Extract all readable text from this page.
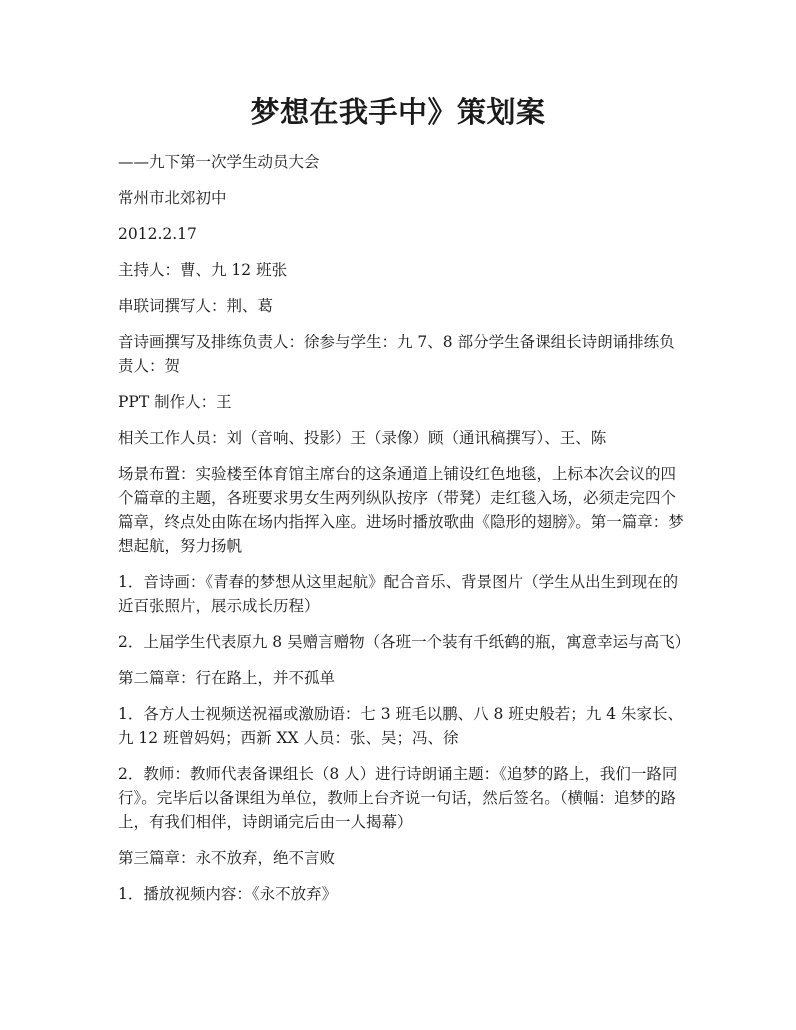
梦想在我手中》策划案

——九下第一次学生动员大会

常州市北郊初中

2012.2.17

主持人：曹、九 12 班张

串联词撰写人：荆、葛

音诗画撰写及排练负责人：徐参与学生：九 7、8 部分学生备课组长诗朗诵排练负责人：贺

PPT 制作人：王

相关工作人员：刘（音响、投影）王（录像）顾（通讯稿撰写）、王、陈

场景布置：实验楼至体育馆主席台的这条通道上铺设红色地毯，上标本次会议的四个篇章的主题，各班要求男女生两列纵队按序（带凳）走红毯入场，必须走完四个篇章，终点处由陈在场内指挥入座。进场时播放歌曲《隐形的翅膀》。第一篇章：梦想起航，努力扬帆

1．音诗画：《青春的梦想从这里起航》配合音乐、背景图片（学生从出生到现在的近百张照片，展示成长历程）

2．上届学生代表原九 8 吴赠言赠物（各班一个装有千纸鹤的瓶，寓意幸运与高飞）

第二篇章：行在路上，并不孤单

1．各方人士视频送祝福或激励语：七 3 班毛以鹏、八 8 班史般若；九 4 朱家长、九 12 班曾妈妈；西新 XX 人员：张、吴；冯、徐

2．教师：教师代表备课组长（8 人）进行诗朗诵主题：《追梦的路上，我们一路同行》。完毕后以备课组为单位，教师上台齐说一句话，然后签名。（横幅：追梦的路上，有我们相伴，诗朗诵完后由一人揭幕）

第三篇章：永不放弃，绝不言败

1．播放视频内容：《永不放弃》
